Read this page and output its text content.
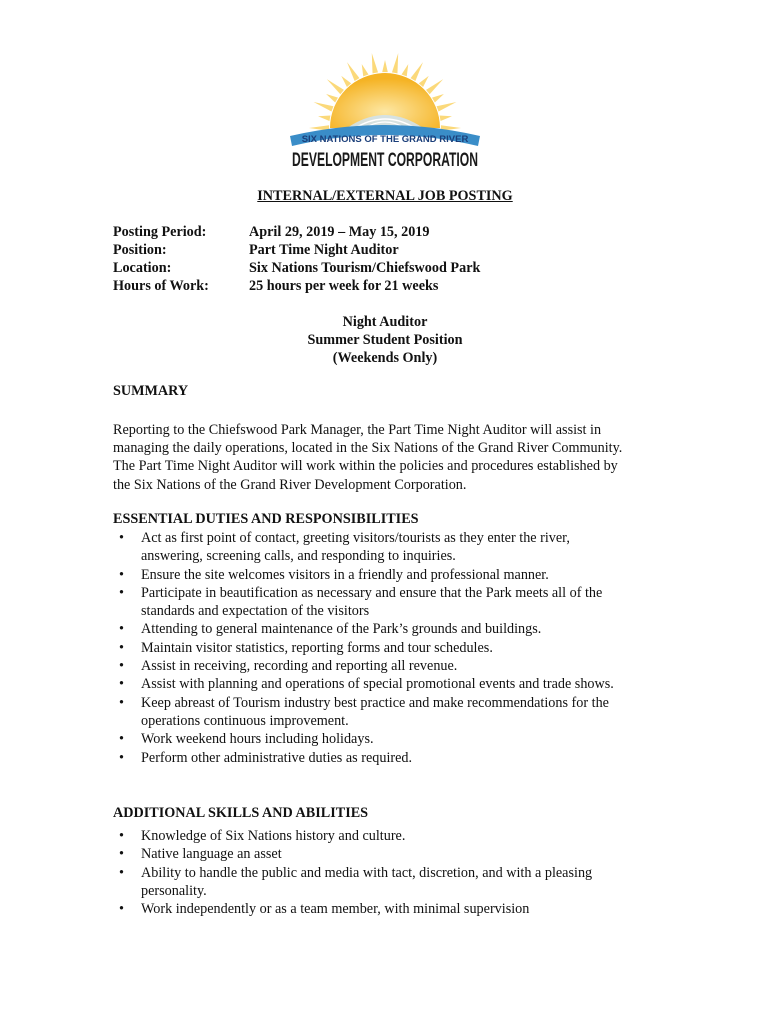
SIX NATIONS OF THE GRAND RIVER
DEVELOPMENT CORPORATION
INTERNAL/EXTERNAL JOB POSTING
Posting Period:	April 29, 2019 – May 15, 2019
Position:	Part Time Night Auditor
Location:	Six Nations Tourism/Chiefswood Park
Hours of Work:	25 hours per week for 21 weeks
Night Auditor
Summer Student Position
(Weekends Only)
SUMMARY
Reporting to the Chiefswood Park Manager, the Part Time Night Auditor will assist in
managing the daily operations, located in the Six Nations of the Grand River Community.
The Part Time Night Auditor will work within the policies and procedures established by
the Six Nations of the Grand River Development Corporation.
ESSENTIAL DUTIES AND RESPONSIBILITIES
• Act as first point of contact, greeting visitors/tourists as they enter the river,
answering, screening calls, and responding to inquiries.
• Ensure the site welcomes visitors in a friendly and professional manner.
• Participate in beautification as necessary and ensure that the Park meets all of the
standards and expectation of the visitors
• Attending to general maintenance of the Park’s grounds and buildings.
• Maintain visitor statistics, reporting forms and tour schedules.
• Assist in receiving, recording and reporting all revenue.
• Assist with planning and operations of special promotional events and trade shows.
• Keep abreast of Tourism industry best practice and make recommendations for the
operations continuous improvement.
• Work weekend hours including holidays.
• Perform other administrative duties as required.
ADDITIONAL SKILLS AND ABILITIES
• Knowledge of Six Nations history and culture.
• Native language an asset
• Ability to handle the public and media with tact, discretion, and with a pleasing
personality.
• Work independently or as a team member, with minimal supervision
